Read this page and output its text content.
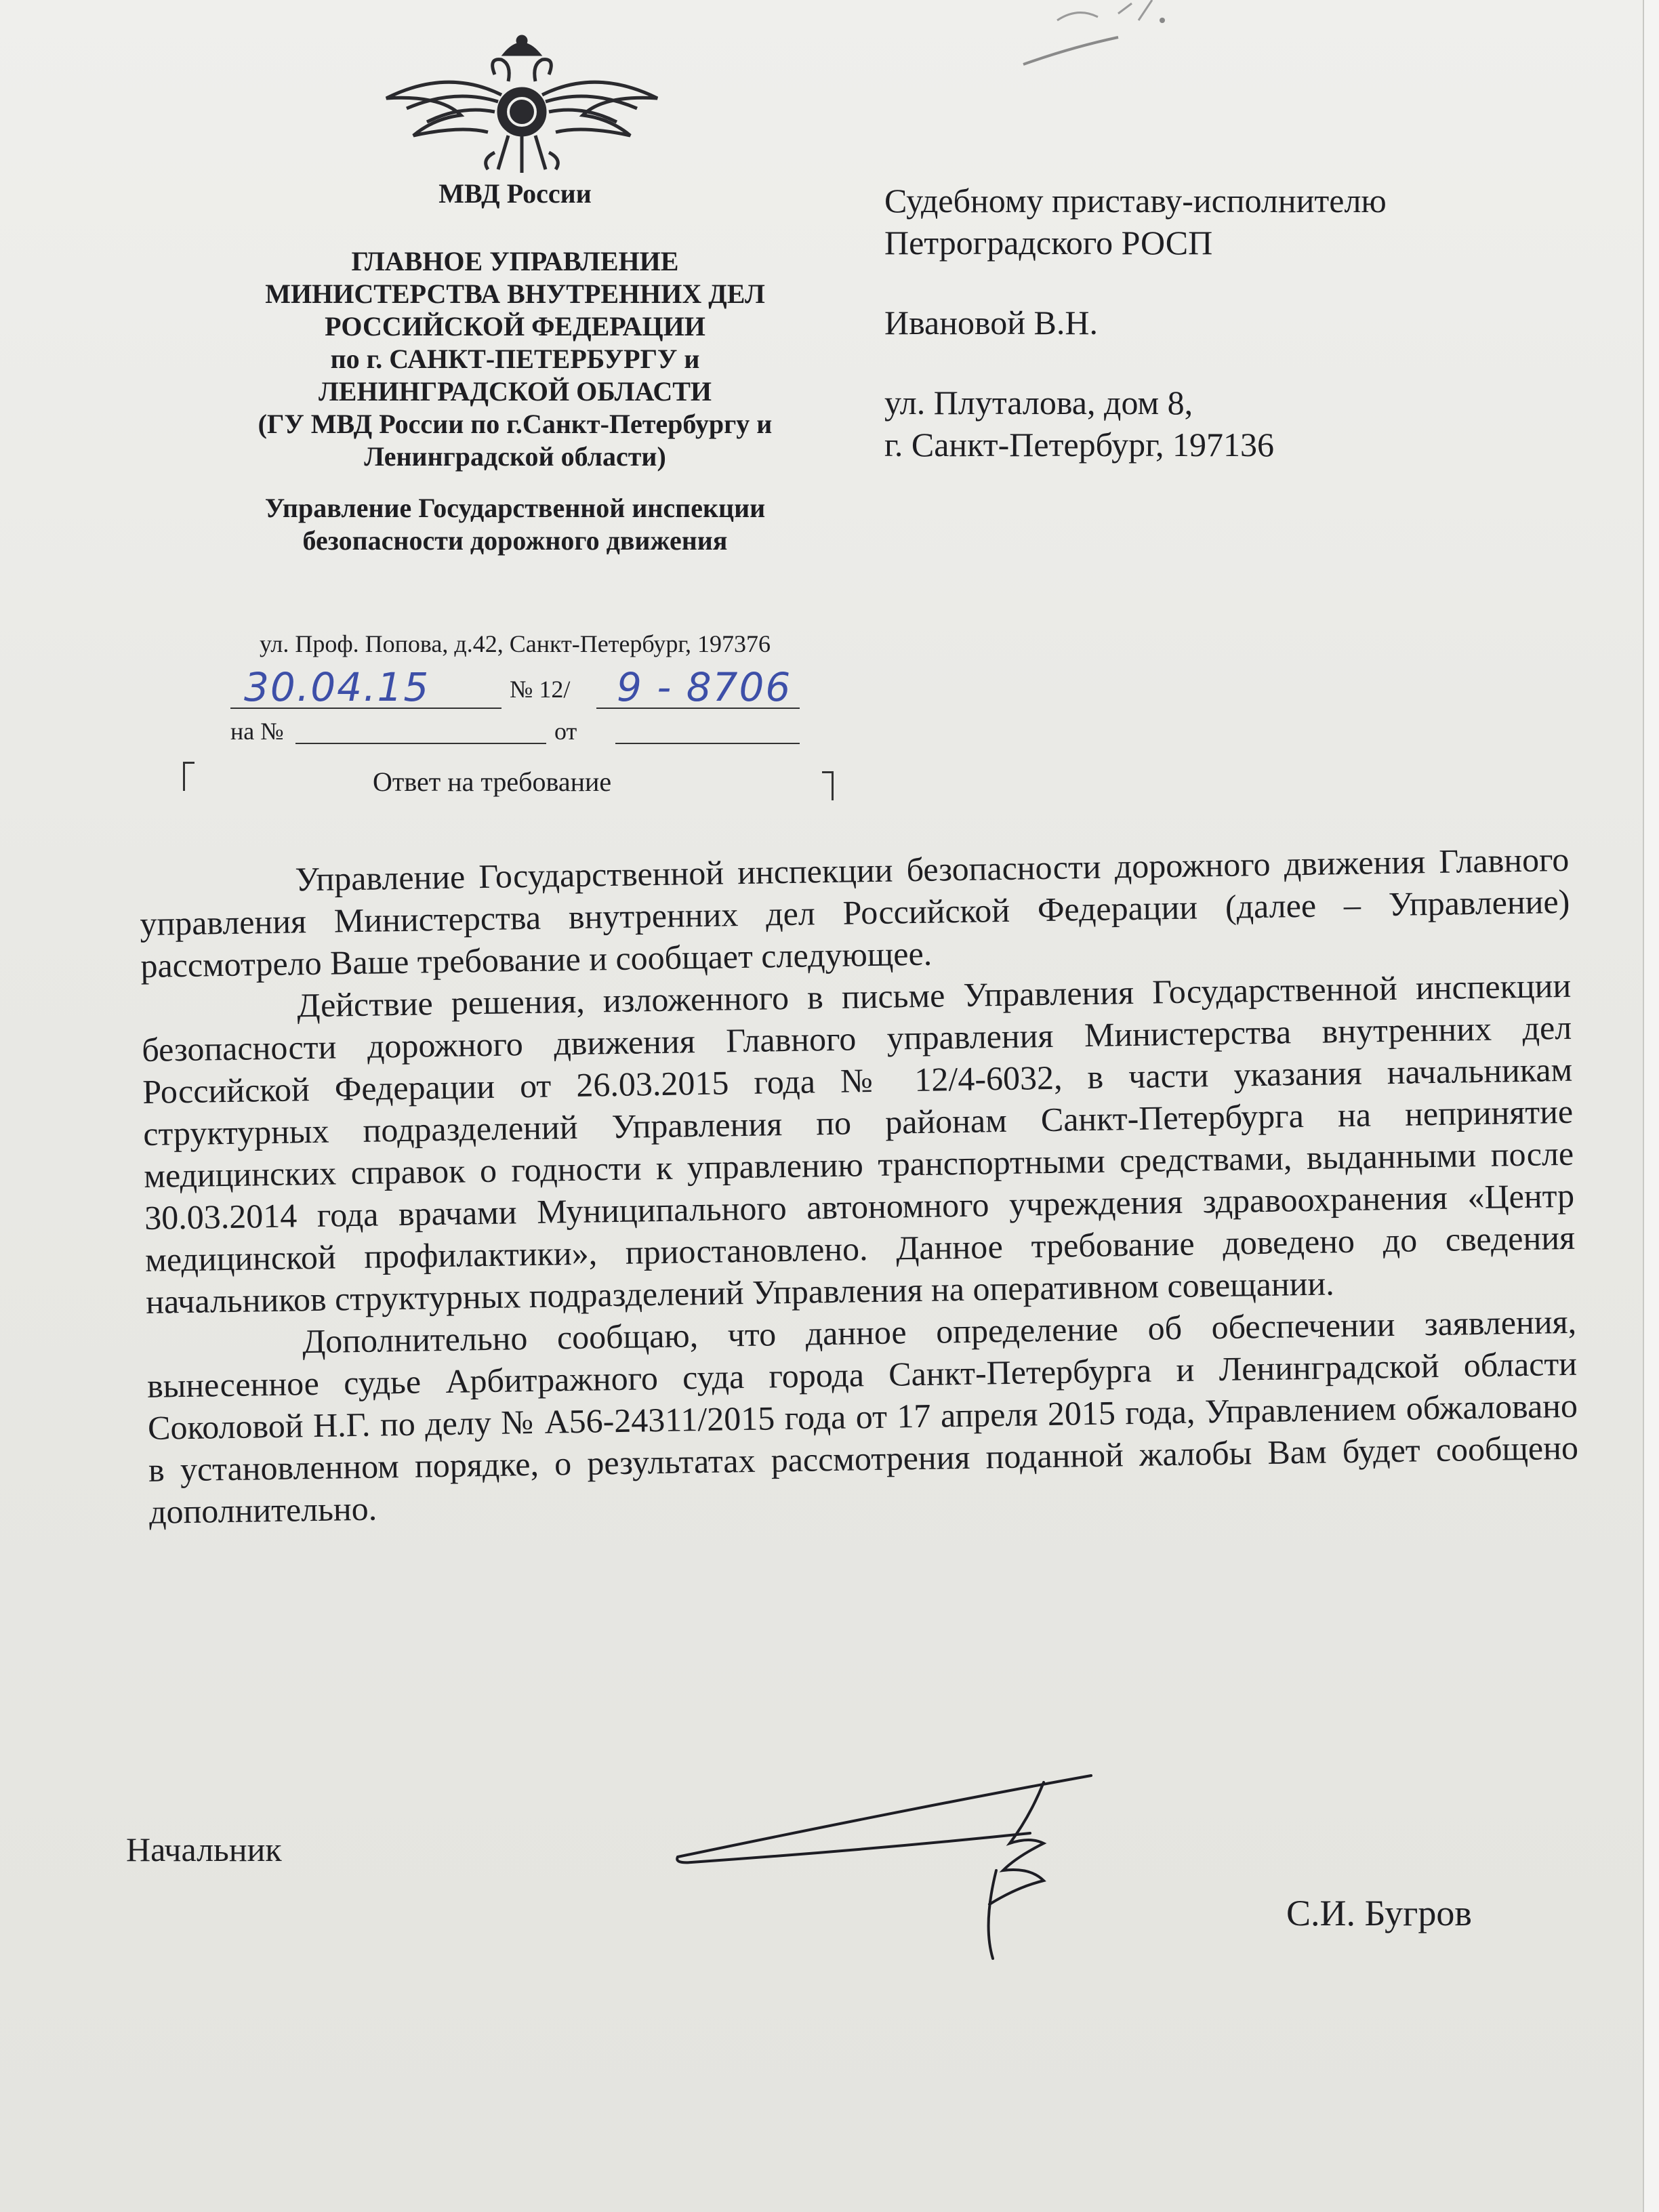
МВД России
ГЛАВНОЕ УПРАВЛЕНИЕ
МИНИСТЕРСТВА ВНУТРЕННИХ ДЕЛ
РОССИЙСКОЙ ФЕДЕРАЦИИ
по г. САНКТ-ПЕТЕРБУРГУ и
ЛЕНИНГРАДСКОЙ ОБЛАСТИ
(ГУ МВД России по г.Санкт-Петербургу и
Ленинградской области)
Управление Государственной инспекции
безопасности дорожного движения
ул. Проф. Попова, д.42, Санкт-Петербург, 197376
30.04.15	№ 12/ 9 - 8706
на №	от
Ответ на требование
Судебному приставу-исполнителю
Петроградского РОСП
Ивановой В.Н.
ул. Плуталова, дом 8,
г. Санкт-Петербург, 197136

Управление Государственной инспекции безопасности дорожного движения Главного управления Министерства внутренних дел Российской Федерации (далее – Управление) рассмотрело Ваше требование и сообщает следующее.

Действие решения, изложенного в письме Управления Государственной инспекции безопасности дорожного движения Главного управления Министерства внутренних дел Российской Федерации от 26.03.2015 года № 12/4-6032, в части указания начальникам структурных подразделений Управления по районам Санкт-Петербурга на непринятие медицинских справок о годности к управлению транспортными средствами, выданными после 30.03.2014 года врачами Муниципального автономного учреждения здравоохранения «Центр медицинской профилактики», приостановлено. Данное требование доведено до сведения начальников структурных подразделений Управления на оперативном совещании.

Дополнительно сообщаю, что данное определение об обеспечении заявления, вынесенное судье Арбитражного суда города Санкт-Петербурга и Ленинградской области Соколовой Н.Г. по делу № А56-24311/2015 года от 17 апреля 2015 года, Управлением обжаловано в установленном порядке, о результатах рассмотрения поданной жалобы Вам будет сообщено дополнительно.

Начальник
С.И. Бугров
